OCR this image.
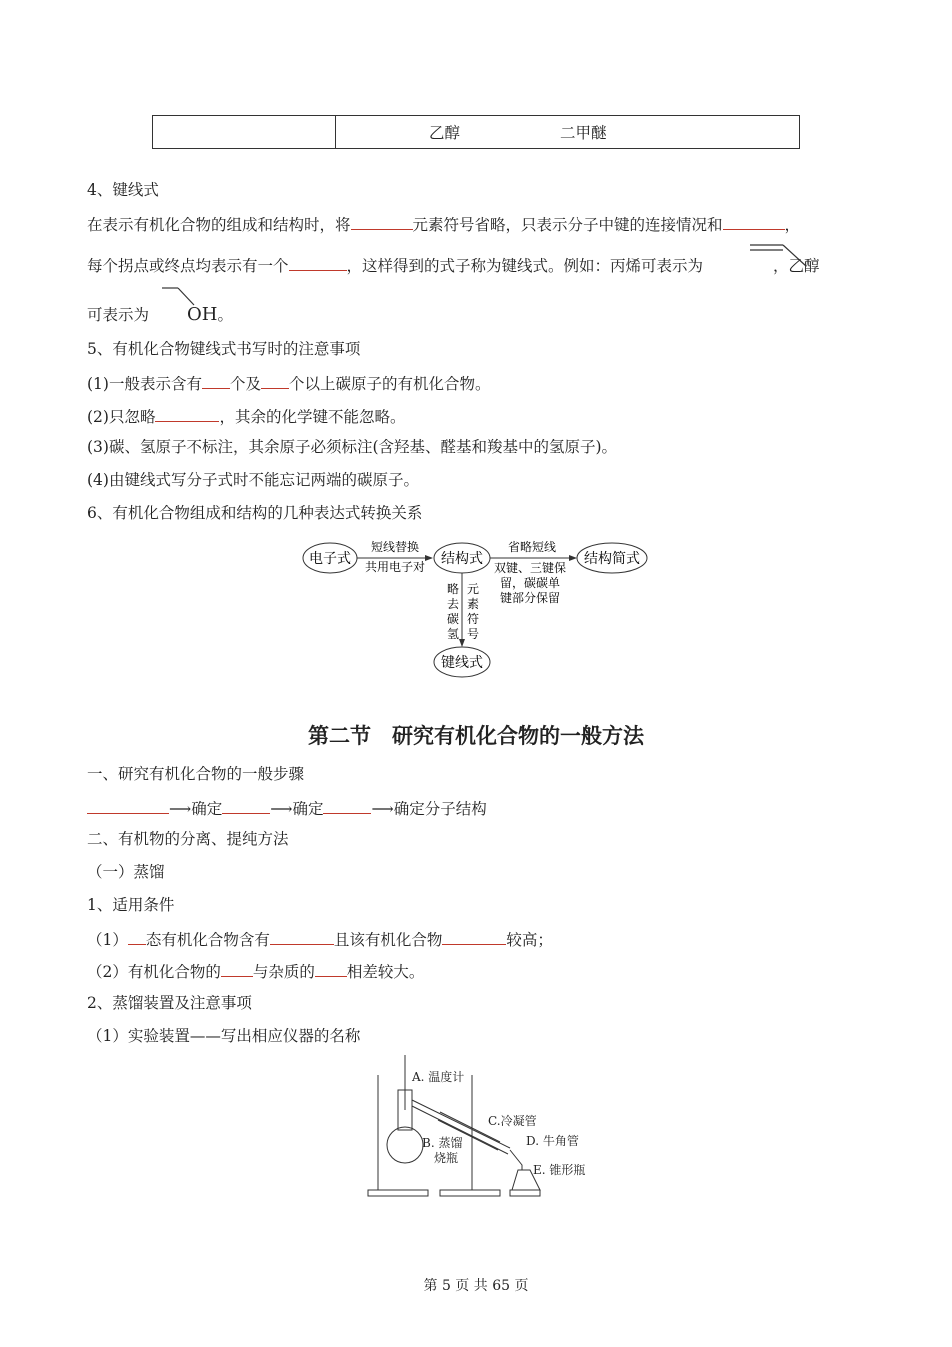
	乙醇	二甲醚
4、键线式
在表示有机化合物的组成和结构时，将	元素符号省略，只表示分子中键的连接情况和	，
每个拐点或终点均表示有一个	，这样得到的式子称为键线式。例如：丙烯可表示为	，乙醇
可表示为 OH。
5、有机化合物键线式书写时的注意事项
(1)一般表示含有 个及 个以上碳原子的有机化合物。
(2)只忽略	，其余的化学键不能忽略。
(3)碳、氢原子不标注，其余原子必须标注(含羟基、醛基和羧基中的氢原子)。
(4)由键线式写分子式时不能忘记两端的碳原子。
6、有机化合物组成和结构的几种表达式转换关系
电子式	结构式	结构简式
键线式
短线替换
共用电子对
省略短线
双键、三键保
留，碳碳单
键部分保留
略
去
碳
氢
元
素
符
号
第二节　研究有机化合物的一般方法
一、研究有机化合物的一般步骤
⟶确定	⟶确定	⟶确定分子结构
二、有机物的分离、提纯方法
（一）蒸馏
1、适用条件
（1） 态有机化合物含有	且该有机化合物	较高；
（2）有机化合物的 与杂质的 相差较大。
2、蒸馏装置及注意事项
（1）实验装置——写出相应仪器的名称
A. 温度计
C.冷凝管
B. 蒸馏
烧瓶
D. 牛角管
E. 锥形瓶
第 5 页 共 65 页
